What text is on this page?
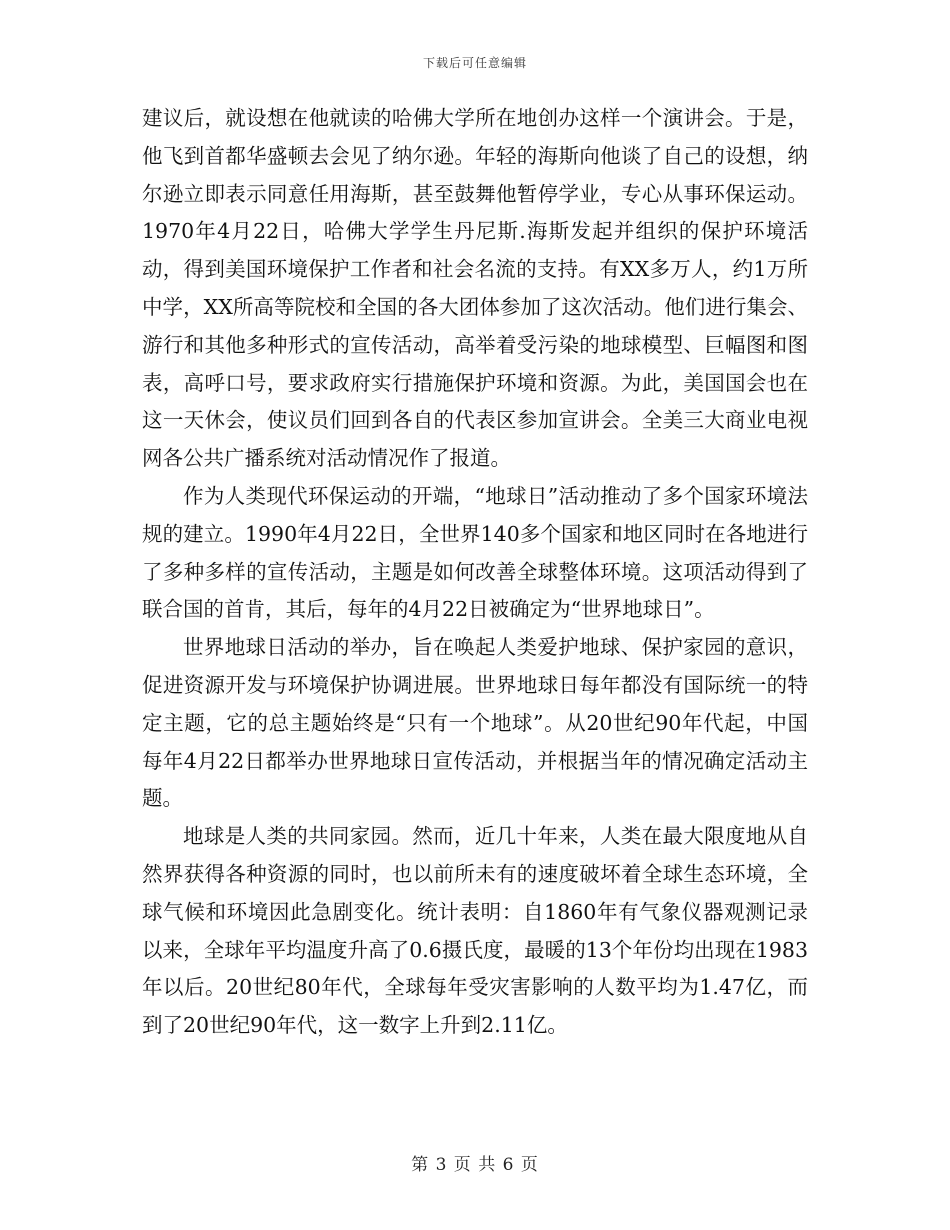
下载后可任意编辑

建议后，就设想在他就读的哈佛大学所在地创办这样一个演讲会。于是，他飞到首都华盛顿去会见了纳尔逊。年轻的海斯向他谈了自己的设想，纳尔逊立即表示同意任用海斯，甚至鼓舞他暂停学业，专心从事环保运动。1970年4月22日，哈佛大学学生丹尼斯.海斯发起并组织的保护环境活动，得到美国环境保护工作者和社会名流的支持。有XX多万人，约1万所中学，XX所高等院校和全国的各大团体参加了这次活动。他们进行集会、游行和其他多种形式的宣传活动，高举着受污染的地球模型、巨幅图和图表，高呼口号，要求政府实行措施保护环境和资源。为此，美国国会也在这一天休会，使议员们回到各自的代表区参加宣讲会。全美三大商业电视网各公共广播系统对活动情况作了报道。

作为人类现代环保运动的开端，“地球日”活动推动了多个国家环境法规的建立。1990年4月22日，全世界140多个国家和地区同时在各地进行了多种多样的宣传活动，主题是如何改善全球整体环境。这项活动得到了联合国的首肯，其后，每年的4月22日被确定为“世界地球日”。

世界地球日活动的举办，旨在唤起人类爱护地球、保护家园的意识，促进资源开发与环境保护协调进展。世界地球日每年都没有国际统一的特定主题，它的总主题始终是“只有一个地球”。从20世纪90年代起，中国每年4月22日都举办世界地球日宣传活动，并根据当年的情况确定活动主题。

地球是人类的共同家园。然而，近几十年来，人类在最大限度地从自然界获得各种资源的同时，也以前所未有的速度破坏着全球生态环境，全球气候和环境因此急剧变化。统计表明：自1860年有气象仪器观测记录以来，全球年平均温度升高了0.6摄氏度，最暖的13个年份均出现在1983年以后。20世纪80年代，全球每年受灾害影响的人数平均为1.47亿，而到了20世纪90年代，这一数字上升到2.11亿。

第 3 页 共 6 页
